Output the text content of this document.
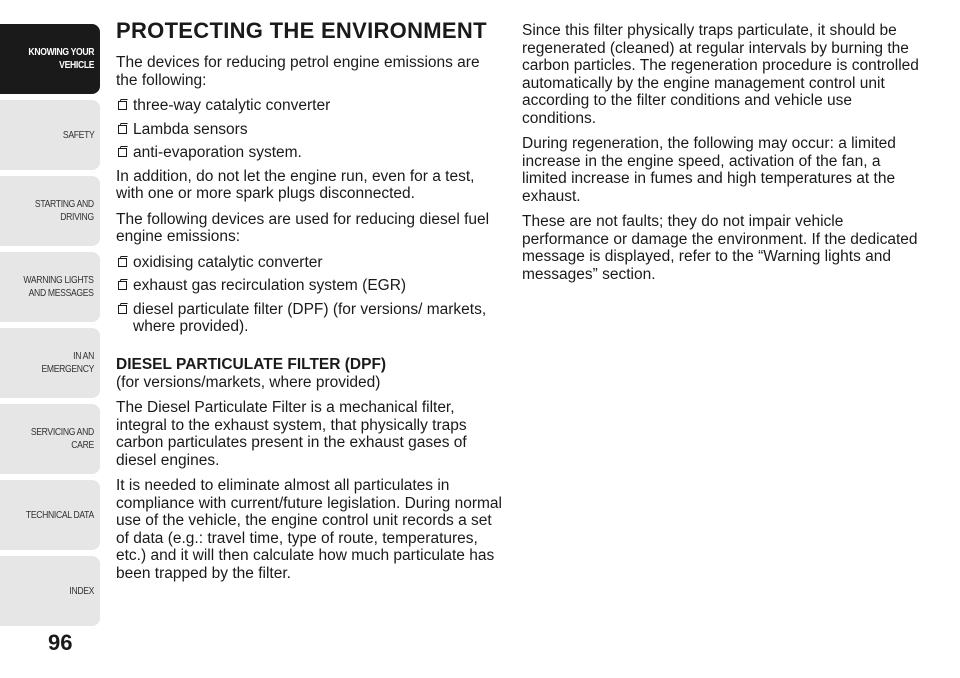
KNOWING YOUR
VEHICLE
SAFETY
STARTING AND
DRIVING
WARNING LIGHTS
AND MESSAGES
IN AN EMERGENCY
SERVICING AND
CARE
TECHNICAL DATA
INDEX
96
PROTECTING THE ENVIRONMENT

The devices for reducing petrol engine emissions are the following:

three-way catalytic converter
Lambda sensors
anti-evaporation system.

In addition, do not let the engine run, even for a test, with one or more spark plugs disconnected.

The following devices are used for reducing diesel fuel engine emissions:

oxidising catalytic converter
exhaust gas recirculation system (EGR)
diesel particulate filter (DPF) (for versions/ markets, where provided).
DIESEL PARTICULATE FILTER (DPF)
(for versions/markets, where provided)

The Diesel Particulate Filter is a mechanical filter, integral to the exhaust system, that physically traps carbon particulates present in the exhaust gases of diesel engines.

It is needed to eliminate almost all particulates in compliance with current/future legislation. During normal use of the vehicle, the engine control unit records a set of data (e.g.: travel time, type of route, temperatures, etc.) and it will then calculate how much particulate has been trapped by the filter.

Since this filter physically traps particulate, it should be regenerated (cleaned) at regular intervals by burning the carbon particles. The regeneration procedure is controlled automatically by the engine management control unit according to the filter conditions and vehicle use conditions.

During regeneration, the following may occur: a limited increase in the engine speed, activation of the fan, a limited increase in fumes and high temperatures at the exhaust.

These are not faults; they do not impair vehicle performance or damage the environment. If the dedicated message is displayed, refer to the “Warning lights and messages” section.
